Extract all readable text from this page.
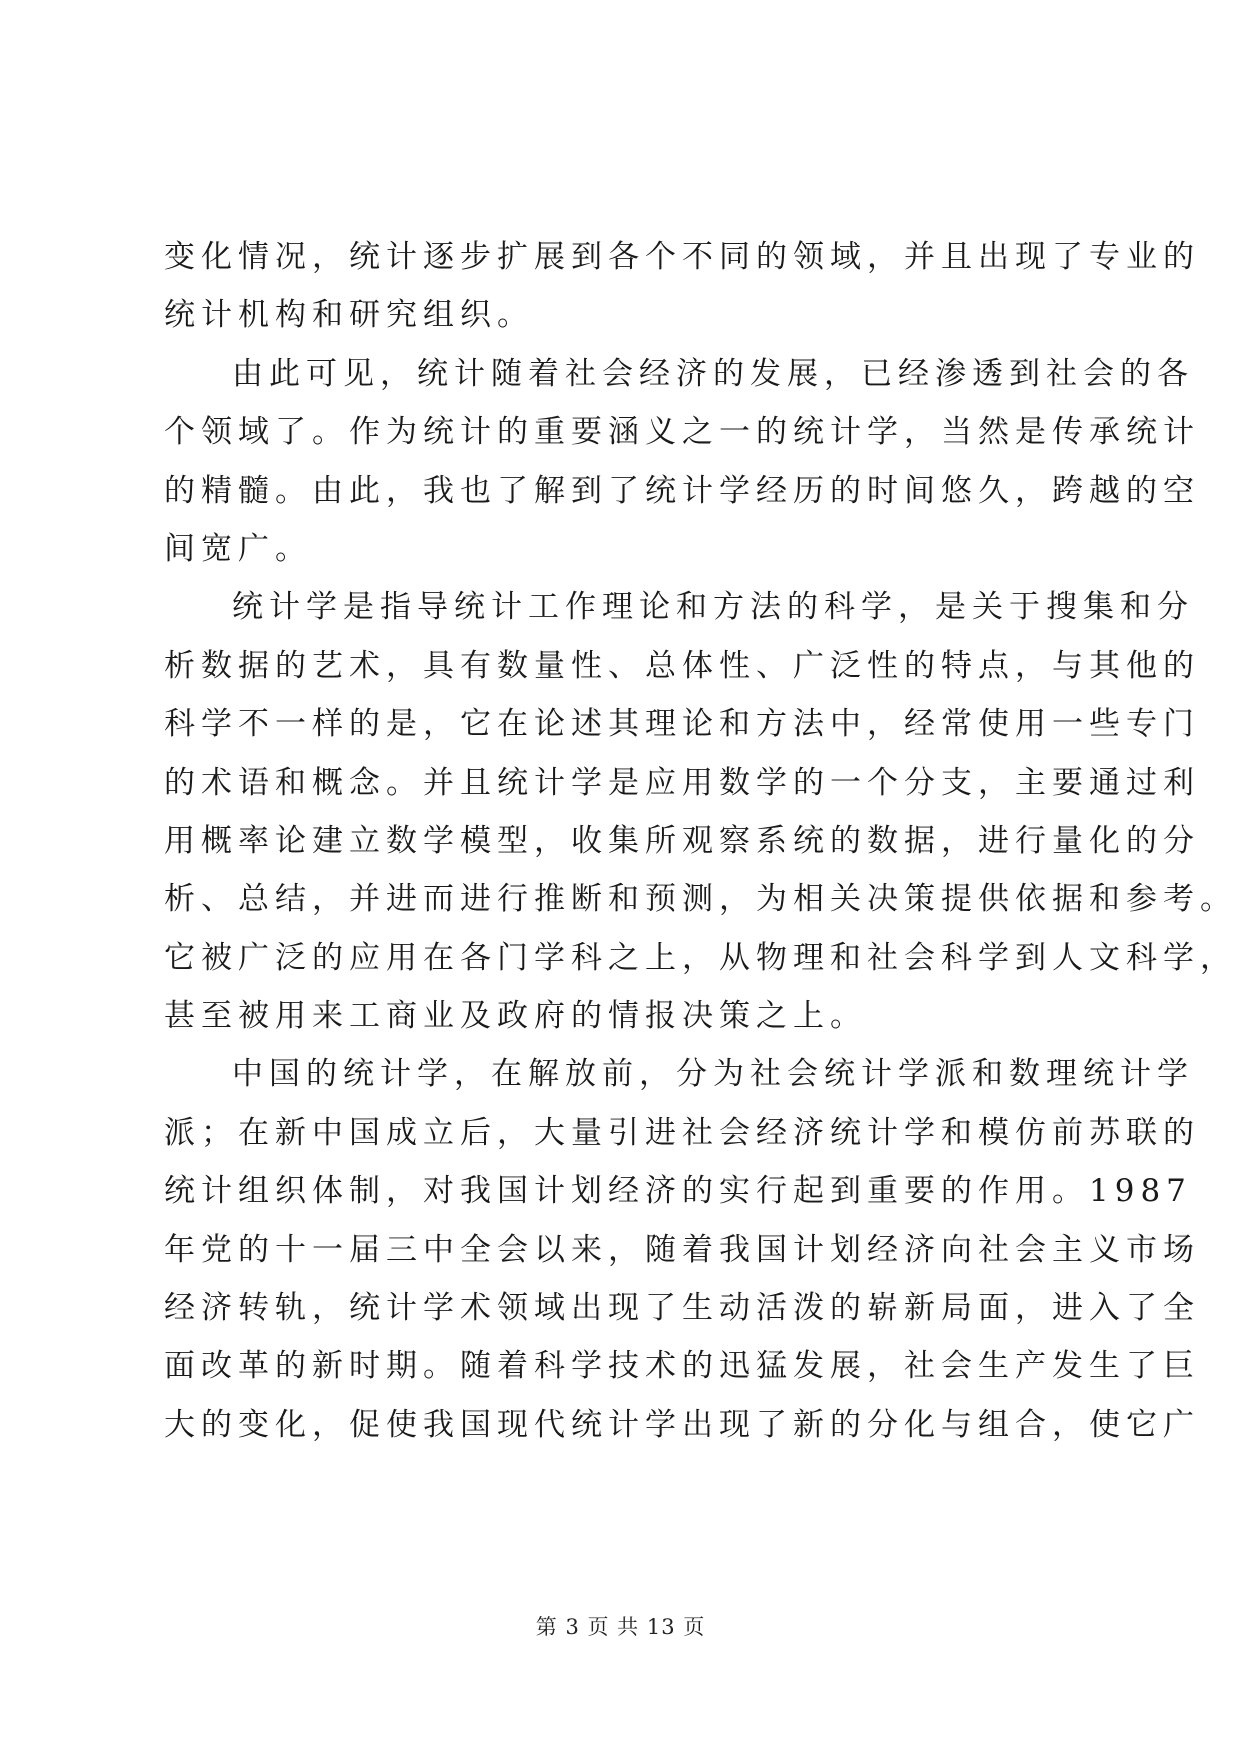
变化情况，统计逐步扩展到各个不同的领域，并且出现了专业的
统计机构和研究组织。
由此可见，统计随着社会经济的发展，已经渗透到社会的各
个领域了。作为统计的重要涵义之一的统计学，当然是传承统计
的精髓。由此，我也了解到了统计学经历的时间悠久，跨越的空
间宽广。
统计学是指导统计工作理论和方法的科学，是关于搜集和分
析数据的艺术，具有数量性、总体性、广泛性的特点，与其他的
科学不一样的是，它在论述其理论和方法中，经常使用一些专门
的术语和概念。并且统计学是应用数学的一个分支，主要通过利
用概率论建立数学模型，收集所观察系统的数据，进行量化的分
析、总结，并进而进行推断和预测，为相关决策提供依据和参考。
它被广泛的应用在各门学科之上，从物理和社会科学到人文科学，
甚至被用来工商业及政府的情报决策之上。
中国的统计学，在解放前，分为社会统计学派和数理统计学
派；在新中国成立后，大量引进社会经济统计学和模仿前苏联的
统计组织体制，对我国计划经济的实行起到重要的作用。1987
年党的十一届三中全会以来，随着我国计划经济向社会主义市场
经济转轨，统计学术领域出现了生动活泼的崭新局面，进入了全
面改革的新时期。随着科学技术的迅猛发展，社会生产发生了巨
大的变化，促使我国现代统计学出现了新的分化与组合，使它广
第 3 页 共 13 页
